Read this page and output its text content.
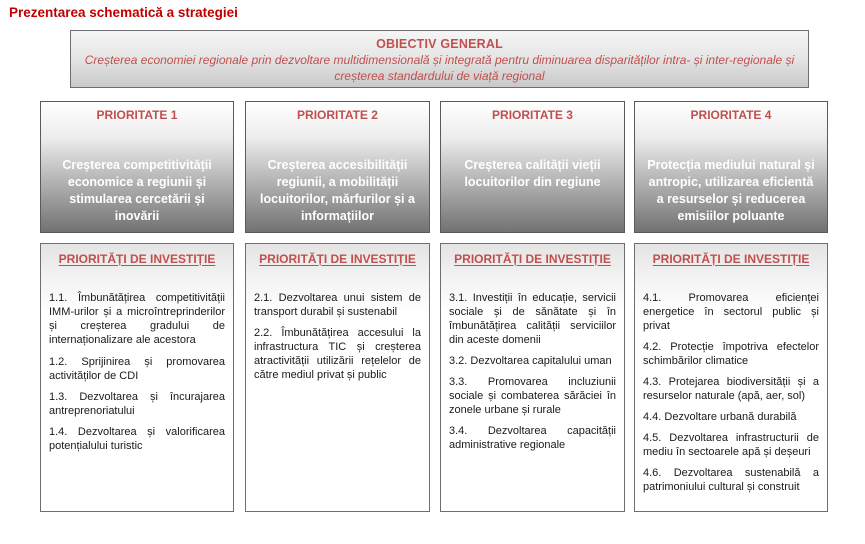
Prezentarea schematică a strategiei
OBIECTIV GENERAL
Creșterea economiei regionale prin dezvoltare multidimensională și integrată pentru diminuarea disparităților intra- și inter-regionale și creșterea standardului de viață regional
PRIORITATE 1
Creșterea competitivității economice a regiunii și stimularea cercetării și inovării
PRIORITATE 2
Creșterea accesibilității regiunii, a mobilității locuitorilor, mărfurilor și a informațiilor
PRIORITATE 3
Creșterea calității vieții locuitorilor din regiune
PRIORITATE 4
Protecția mediului natural și antropic, utilizarea eficientă a resurselor și reducerea emisiilor poluante
PRIORITĂȚI DE INVESTIȚIE
1.1. Îmbunătățirea competitivității IMM-urilor și a microîntreprinderilor și creșterea gradului de internaționalizare ale acestora
1.2. Sprijinirea și promovarea activităților de CDI
1.3. Dezvoltarea și încurajarea antreprenoriatului
1.4. Dezvoltarea și valorificarea potențialului turistic
PRIORITĂȚI DE INVESTIȚIE
2.1. Dezvoltarea unui sistem de transport durabil și sustenabil
2.2. Îmbunătățirea accesului la infrastructura TIC și creșterea atractivității utilizării rețelelor de către mediul privat și public
PRIORITĂȚI DE INVESTIȚIE
3.1. Investiții în educație, servicii sociale și de sănătate și în îmbunătățirea calității serviciilor din aceste domenii
3.2. Dezvoltarea capitalului uman
3.3. Promovarea incluziunii sociale și combaterea sărăciei în zonele urbane și rurale
3.4. Dezvoltarea capacității administrative regionale
PRIORITĂȚI DE INVESTIȚIE
4.1. Promovarea eficienței energetice în sectorul public și privat
4.2. Protecție împotriva efectelor schimbărilor climatice
4.3. Protejarea biodiversității și a resurselor naturale (apă, aer, sol)
4.4. Dezvoltare urbană durabilă
4.5. Dezvoltarea infrastructurii de mediu în sectoarele apă și deșeuri
4.6. Dezvoltarea sustenabilă a patrimoniului cultural și construit
